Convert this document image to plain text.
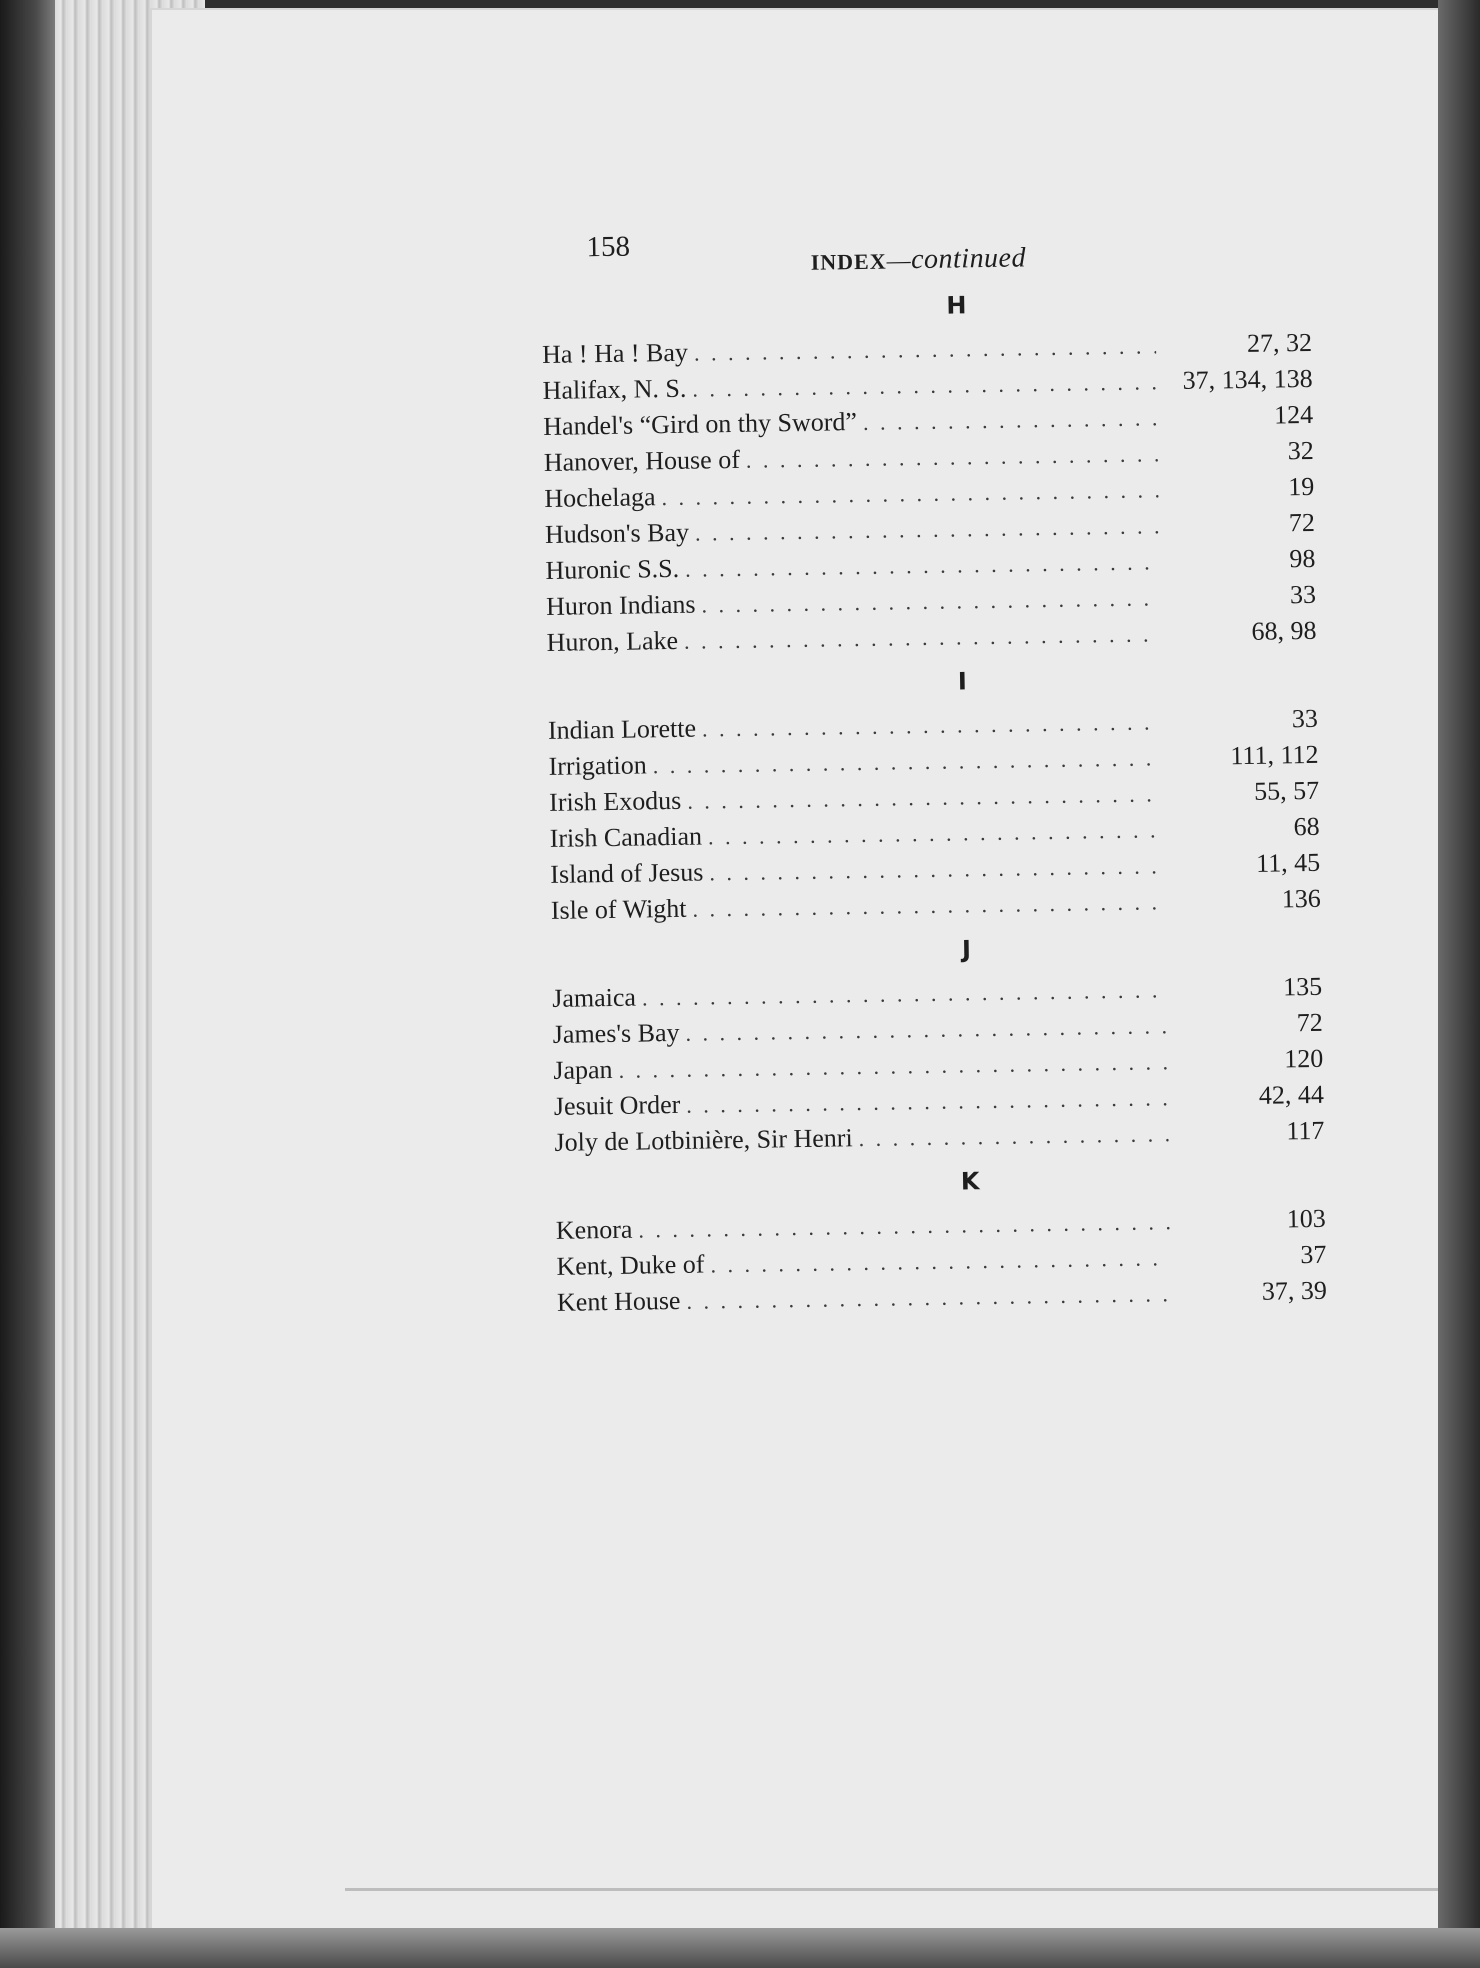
158	INDEX—continued
H
Ha ! Ha ! Bay . . .	27, 32
Halifax, N. S. . . .	37, 134, 138
Handel's “Gird on thy Sword” . . .	124
Hanover, House of . . .	32
Hochelaga . . .	19
Hudson's Bay . . .	72
Huronic S.S. . . .	98
Huron Indians . . .	33
Huron, Lake . . .	68, 98
I
Indian Lorette . . .	33
Irrigation . . .	111, 112
Irish Exodus . . .	55, 57
Irish Canadian . . .	68
Island of Jesus . . .	11, 45
Isle of Wight . . .	136
J
Jamaica . . .	135
James's Bay . . .	72
Japan . . .	120
Jesuit Order . . .	42, 44
Joly de Lotbinière, Sir Henri . . .	117
K
Kenora . . .	103
Kent, Duke of . . .	37
Kent House . . .	37, 39
